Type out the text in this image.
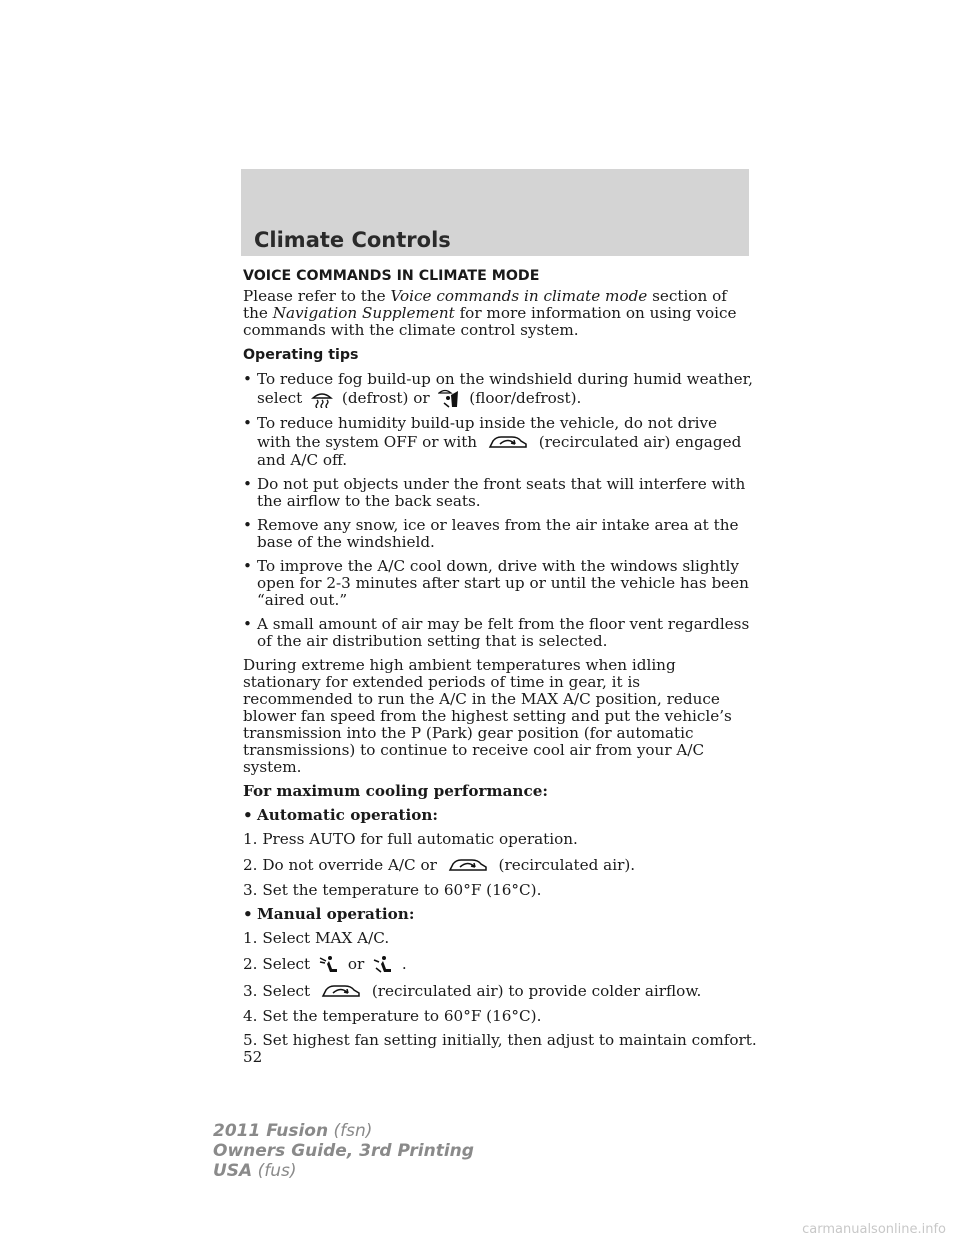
Climate Controls
VOICE COMMANDS IN CLIMATE MODE

Please refer to the Voice commands in climate mode section of the Navigation Supplement for more information on using voice commands with the climate control system.

Operating tips
• To reduce fog build-up on the windshield during humid weather, select	(defrost) or	(floor/defrost).
• To reduce humidity build-up inside the vehicle, do not drive with the system OFF or with	(recirculated air) engaged and A/C off.
• Do not put objects under the front seats that will interfere with the airflow to the back seats.
• Remove any snow, ice or leaves from the air intake area at the base of the windshield.
• To improve the A/C cool down, drive with the windows slightly open for 2-3 minutes after start up or until the vehicle has been “aired out.”
• A small amount of air may be felt from the floor vent regardless of the air distribution setting that is selected.

During extreme high ambient temperatures when idling stationary for extended periods of time in gear, it is recommended to run the A/C in the MAX A/C position, reduce blower fan speed from the highest setting and put the vehicle’s transmission into the P (Park) gear position (for automatic transmissions) to continue to receive cool air from your A/C system.

For maximum cooling performance:
• Automatic operation:
1. Press AUTO for full automatic operation.
2. Do not override A/C or	(recirculated air).
3. Set the temperature to 60°F (16°C).
• Manual operation:
1. Select MAX A/C.
2. Select or .
3. Select	(recirculated air) to provide colder airflow.
4. Set the temperature to 60°F (16°C).
5. Set highest fan setting initially, then adjust to maintain comfort.
52
2011 Fusion (fsn)
Owners Guide, 3rd Printing
USA (fus)
carmanualsonline.info
